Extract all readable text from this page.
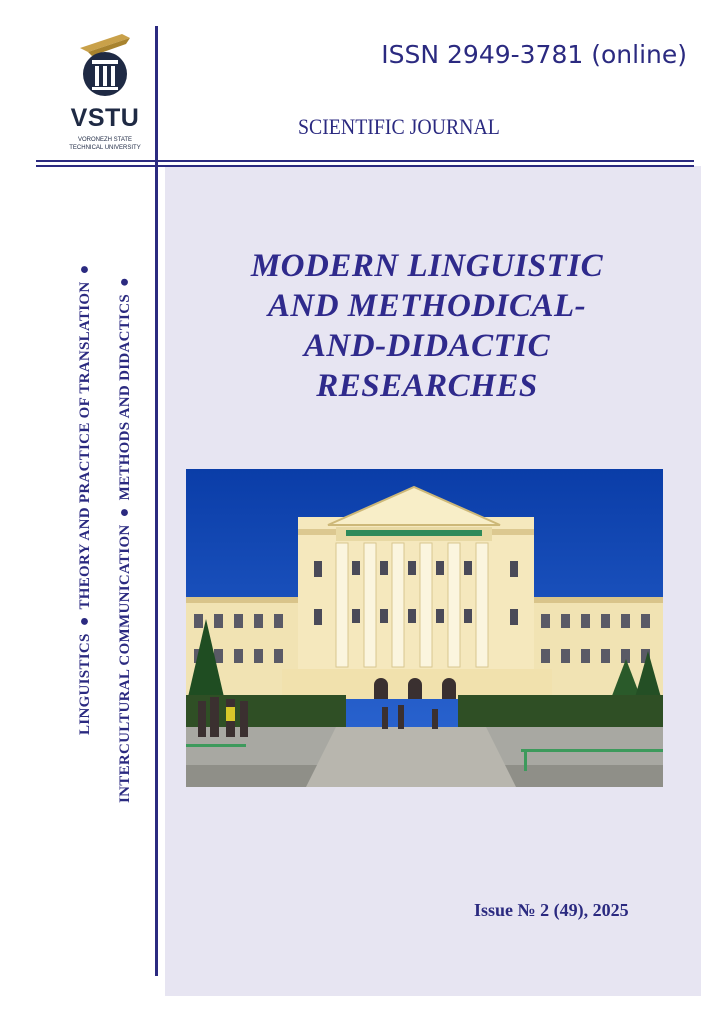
VSTU
VORONEZH STATE
TECHNICAL UNIVERSITY
ISSN 2949-3781 (online)
SCIENTIFIC JOURNAL
MODERN LINGUISTIC
AND METHODICAL-
AND-DIDACTIC
RESEARCHES
Issue № 2 (49), 2025
LINGUISTICS ● THEORY AND PRACTICE OF TRANSLATION ●
INTERCULTURAL COMMUNICATION ● METHODS AND DIDACTICS ●
